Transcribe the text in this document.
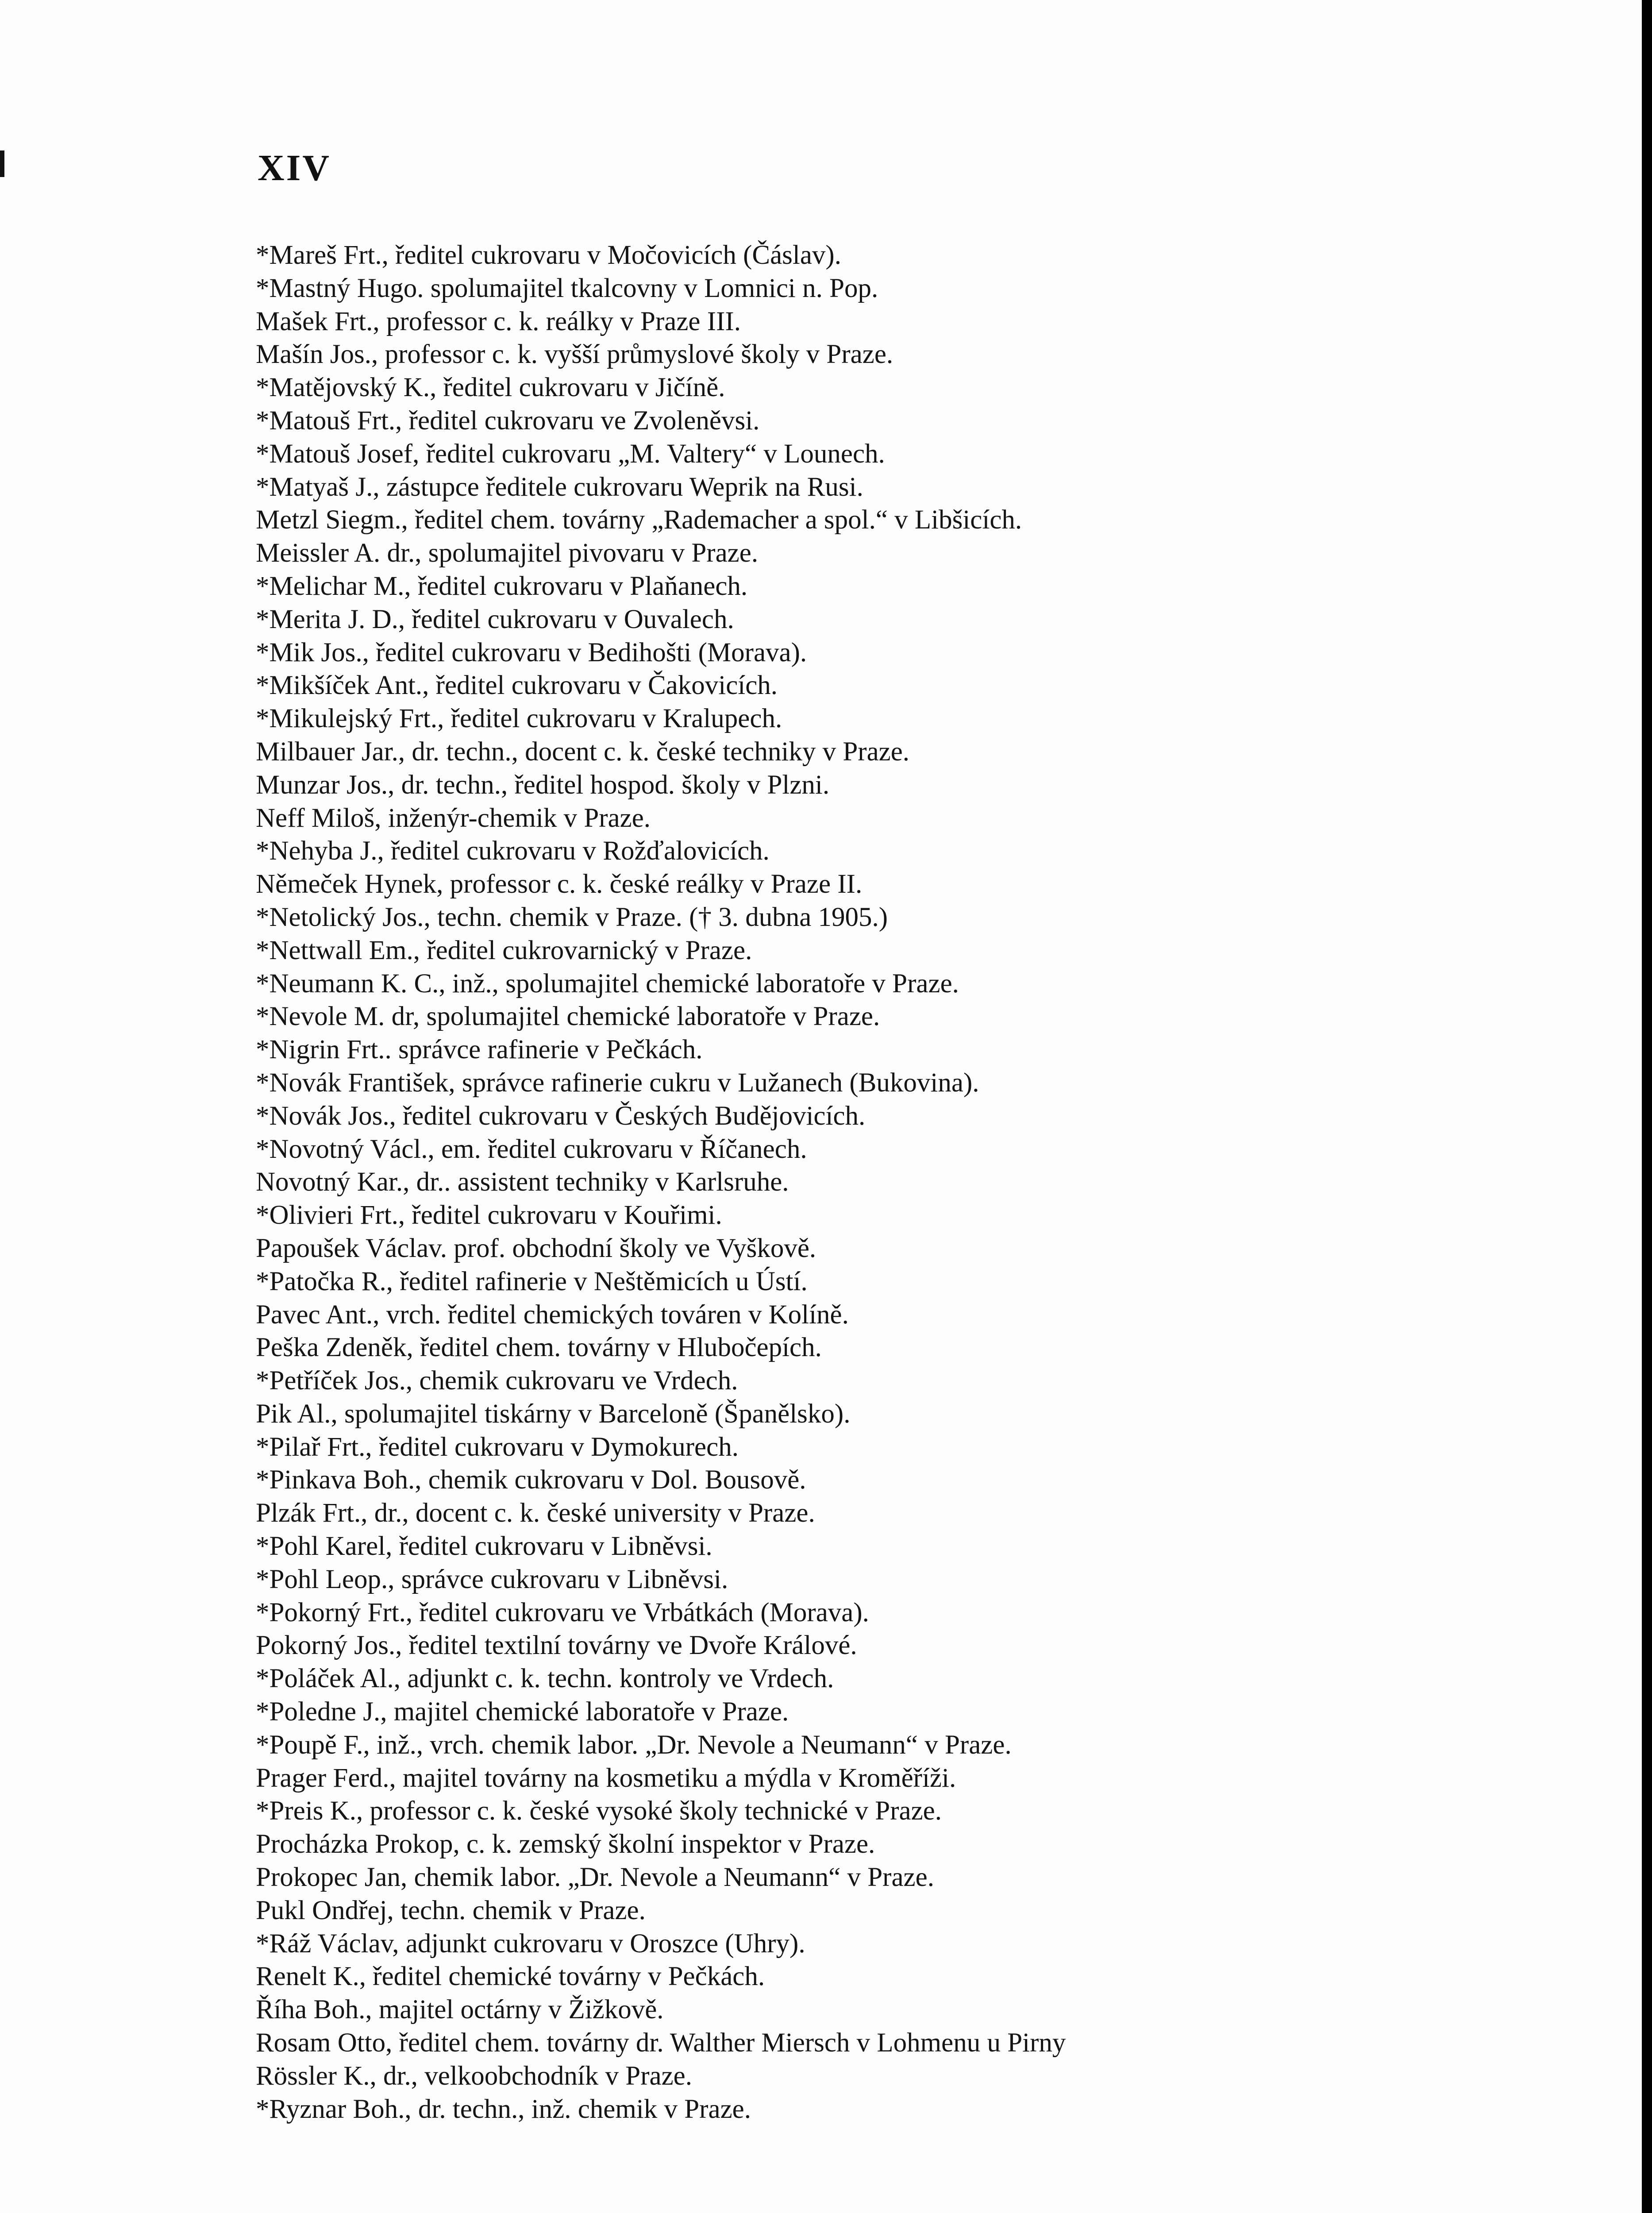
XIV
*Mareš Frt., ředitel cukrovaru v Močovicích (Čáslav).
*Mastný Hugo. spolumajitel tkalcovny v Lomnici n. Pop.
Mašek Frt., professor c. k. reálky v Praze III.
Mašín Jos., professor c. k. vyšší průmyslové školy v Praze.
*Matějovský K., ředitel cukrovaru v Jičíně.
*Matouš Frt., ředitel cukrovaru ve Zvoleněvsi.
*Matouš Josef, ředitel cukrovaru „M. Valtery“ v Lounech.
*Matyaš J., zástupce ředitele cukrovaru Weprik na Rusi.
Metzl Siegm., ředitel chem. továrny „Rademacher a spol.“ v Libšicích.
Meissler A. dr., spolumajitel pivovaru v Praze.
*Melichar M., ředitel cukrovaru v Plaňanech.
*Merita J. D., ředitel cukrovaru v Ouvalech.
*Mik Jos., ředitel cukrovaru v Bedihošti (Morava).
*Mikšíček Ant., ředitel cukrovaru v Čakovicích.
*Mikulejský Frt., ředitel cukrovaru v Kralupech.
Milbauer Jar., dr. techn., docent c. k. české techniky v Praze.
Munzar Jos., dr. techn., ředitel hospod. školy v Plzni.
Neff Miloš, inženýr-chemik v Praze.
*Nehyba J., ředitel cukrovaru v Rožďalovicích.
Němeček Hynek, professor c. k. české reálky v Praze II.
*Netolický Jos., techn. chemik v Praze. († 3. dubna 1905.)
*Nettwall Em., ředitel cukrovarnický v Praze.
*Neumann K. C., inž., spolumajitel chemické laboratoře v Praze.
*Nevole M. dr, spolumajitel chemické laboratoře v Praze.
*Nigrin Frt.. správce rafinerie v Pečkách.
*Novák František, správce rafinerie cukru v Lužanech (Bukovina).
*Novák Jos., ředitel cukrovaru v Českých Budějovicích.
*Novotný Václ., em. ředitel cukrovaru v Říčanech.
Novotný Kar., dr.. assistent techniky v Karlsruhe.
*Olivieri Frt., ředitel cukrovaru v Kouřimi.
Papoušek Václav. prof. obchodní školy ve Vyškově.
*Patočka R., ředitel rafinerie v Neštěmicích u Ústí.
Pavec Ant., vrch. ředitel chemických továren v Kolíně.
Peška Zdeněk, ředitel chem. továrny v Hlubočepích.
*Petříček Jos., chemik cukrovaru ve Vrdech.
Pik Al., spolumajitel tiskárny v Barceloně (Španělsko).
*Pilař Frt., ředitel cukrovaru v Dymokurech.
*Pinkava Boh., chemik cukrovaru v Dol. Bousově.
Plzák Frt., dr., docent c. k. české university v Praze.
*Pohl Karel, ředitel cukrovaru v Libněvsi.
*Pohl Leop., správce cukrovaru v Libněvsi.
*Pokorný Frt., ředitel cukrovaru ve Vrbátkách (Morava).
Pokorný Jos., ředitel textilní továrny ve Dvoře Králové.
*Poláček Al., adjunkt c. k. techn. kontroly ve Vrdech.
*Poledne J., majitel chemické laboratoře v Praze.
*Poupě F., inž., vrch. chemik labor. „Dr. Nevole a Neumann“ v Praze.
Prager Ferd., majitel továrny na kosmetiku a mýdla v Kroměříži.
*Preis K., professor c. k. české vysoké školy technické v Praze.
Procházka Prokop, c. k. zemský školní inspektor v Praze.
Prokopec Jan, chemik labor. „Dr. Nevole a Neumann“ v Praze.
Pukl Ondřej, techn. chemik v Praze.
*Ráž Václav, adjunkt cukrovaru v Oroszce (Uhry).
Renelt K., ředitel chemické továrny v Pečkách.
Říha Boh., majitel octárny v Žižkově.
Rosam Otto, ředitel chem. továrny dr. Walther Miersch v Lohmenu u Pirny
Rössler K., dr., velkoobchodník v Praze.
*Ryznar Boh., dr. techn., inž. chemik v Praze.
